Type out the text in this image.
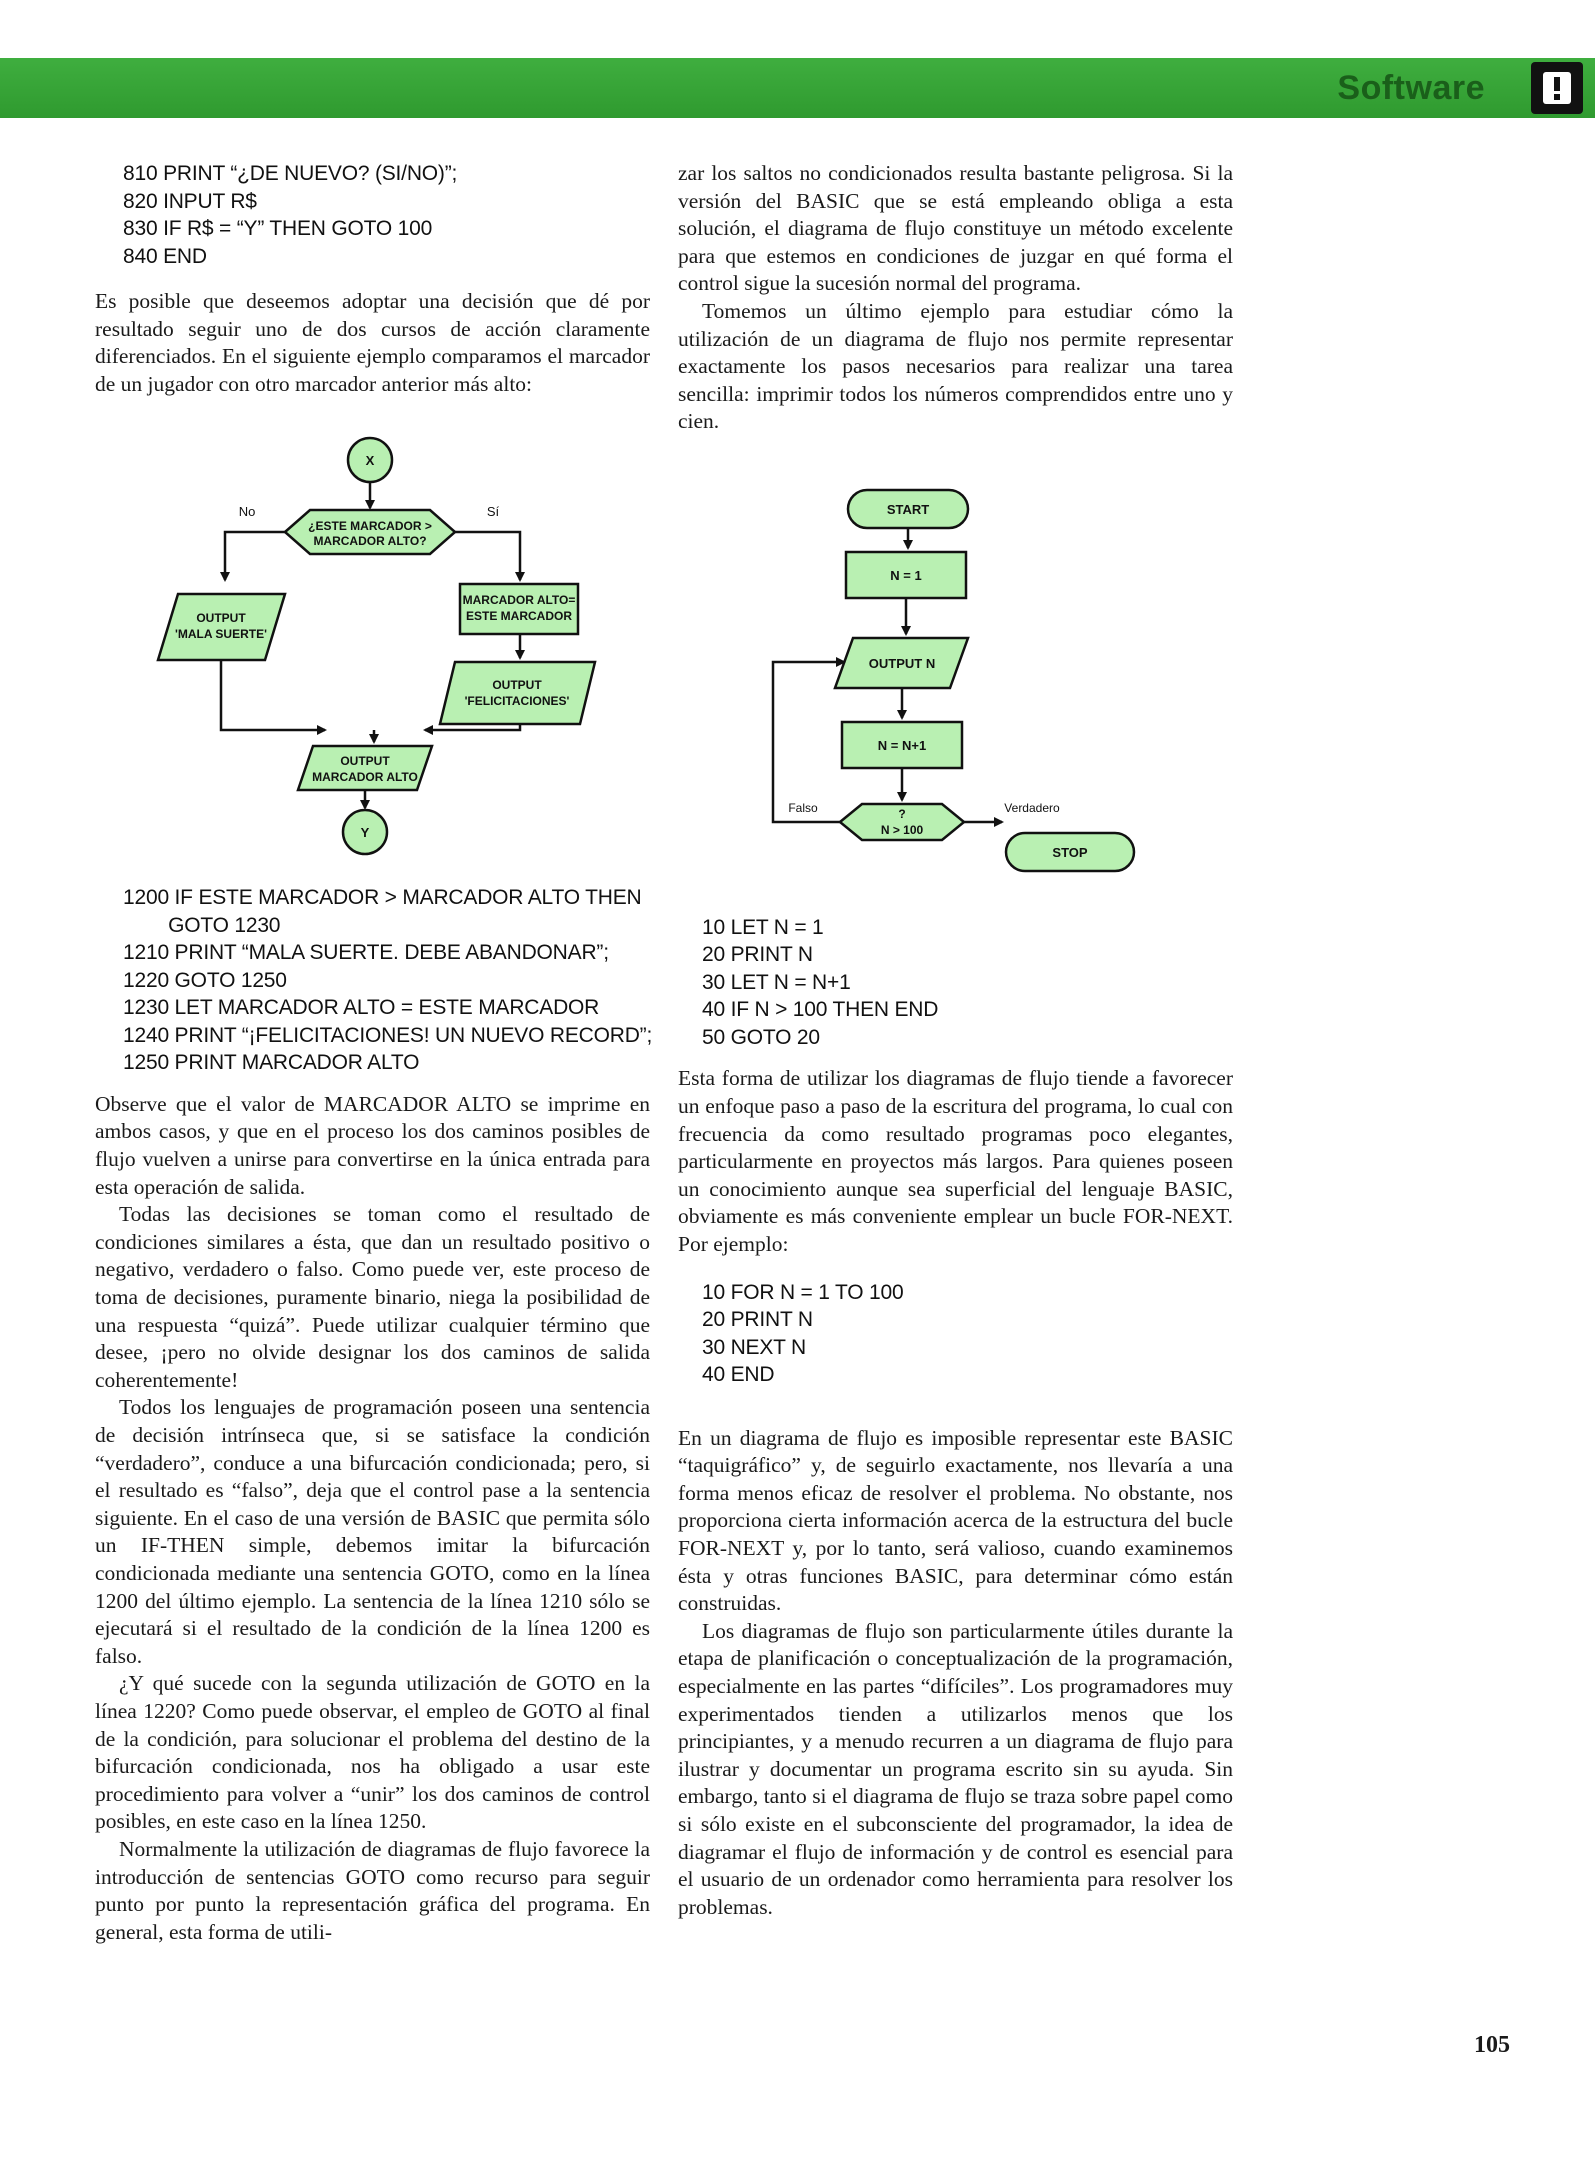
Software
810 PRINT “¿DE NUEVO? (SI/NO)”;
820 INPUT R$
830 IF R$ = “Y” THEN GOTO 100
840 END

Es posible que deseemos adoptar una decisión que dé por resultado seguir uno de dos cursos de acción claramente diferenciados. En el siguiente ejemplo comparamos el marcador de un jugador con otro marcador anterior más alto:

X
No	Sí
¿ESTE MARCADOR >
MARCADOR ALTO?
OUTPUT
'MALA SUERTE'
MARCADOR ALTO=
ESTE MARCADOR
OUTPUT
'FELICITACIONES'
OUTPUT
MARCADOR ALTO
Y
1200 IF ESTE MARCADOR > MARCADOR ALTO THEN
GOTO 1230
1210 PRINT “MALA SUERTE. DEBE ABANDONAR”;
1220 GOTO 1250
1230 LET MARCADOR ALTO = ESTE MARCADOR
1240 PRINT “¡FELICITACIONES! UN NUEVO RECORD”;
1250 PRINT MARCADOR ALTO

Observe que el valor de MARCADOR ALTO se imprime en ambos casos, y que en el proceso los dos caminos posibles de flujo vuelven a unirse para convertirse en la única entrada para esta operación de salida.

Todas las decisiones se toman como el resultado de condiciones similares a ésta, que dan un resultado positivo o negativo, verdadero o falso. Como puede ver, este proceso de toma de decisiones, puramente binario, niega la posibilidad de una respuesta “quizá”. Puede utilizar cualquier término que desee, ¡pero no olvide designar los dos caminos de salida coherentemente!

Todos los lenguajes de programación poseen una sentencia de decisión intrínseca que, si se satisface la condición “verdadero”, conduce a una bifurcación condicionada; pero, si el resultado es “falso”, deja que el control pase a la sentencia siguiente. En el caso de una versión de BASIC que permita sólo un IF-THEN simple, debemos imitar la bifurcación condicionada mediante una sentencia GOTO, como en la línea 1200 del último ejemplo. La sentencia de la línea 1210 sólo se ejecutará si el resultado de la condición de la línea 1200 es falso.

¿Y qué sucede con la segunda utilización de GOTO en la línea 1220? Como puede observar, el empleo de GOTO al final de la condición, para solucionar el problema del destino de la bifurcación condicionada, nos ha obligado a usar este procedimiento para volver a “unir” los dos caminos de control posibles, en este caso en la línea 1250.

Normalmente la utilización de diagramas de flujo favorece la introducción de sentencias GOTO como recurso para seguir punto por punto la representación gráfica del programa. En general, esta forma de utili-

zar los saltos no condicionados resulta bastante peligrosa. Si la versión del BASIC que se está empleando obliga a esta solución, el diagrama de flujo constituye un método excelente para que estemos en condiciones de juzgar en qué forma el control sigue la sucesión normal del programa.

Tomemos un último ejemplo para estudiar cómo la utilización de un diagrama de flujo nos permite representar exactamente los pasos necesarios para realizar una tarea sencilla: imprimir todos los números comprendidos entre uno y cien.

START
N = 1
OUTPUT N
N = N+1
?
N > 100
Falso	Verdadero
STOP
10 LET N = 1
20 PRINT N
30 LET N = N+1
40 IF N > 100 THEN END
50 GOTO 20

Esta forma de utilizar los diagramas de flujo tiende a favorecer un enfoque paso a paso de la escritura del programa, lo cual con frecuencia da como resultado programas poco elegantes, particularmente en proyectos más largos. Para quienes poseen un conocimiento aunque sea superficial del lenguaje BASIC, obviamente es más conveniente emplear un bucle FOR-NEXT. Por ejemplo:

10 FOR N = 1 TO 100
20 PRINT N
30 NEXT N
40 END

En un diagrama de flujo es imposible representar este BASIC “taquigráfico” y, de seguirlo exactamente, nos llevaría a una forma menos eficaz de resolver el problema. No obstante, nos proporciona cierta información acerca de la estructura del bucle FOR-NEXT y, por lo tanto, será valioso, cuando examinemos ésta y otras funciones BASIC, para determinar cómo están construidas.

Los diagramas de flujo son particularmente útiles durante la etapa de planificación o conceptualización de la programación, especialmente en las partes “difíciles”. Los programadores muy experimentados tienden a utilizarlos menos que los principiantes, y a menudo recurren a un diagrama de flujo para ilustrar y documentar un programa escrito sin su ayuda. Sin embargo, tanto si el diagrama de flujo se traza sobre papel como si sólo existe en el subconsciente del programador, la idea de diagramar el flujo de información y de control es esencial para el usuario de un ordenador como herramienta para resolver los problemas.

105
